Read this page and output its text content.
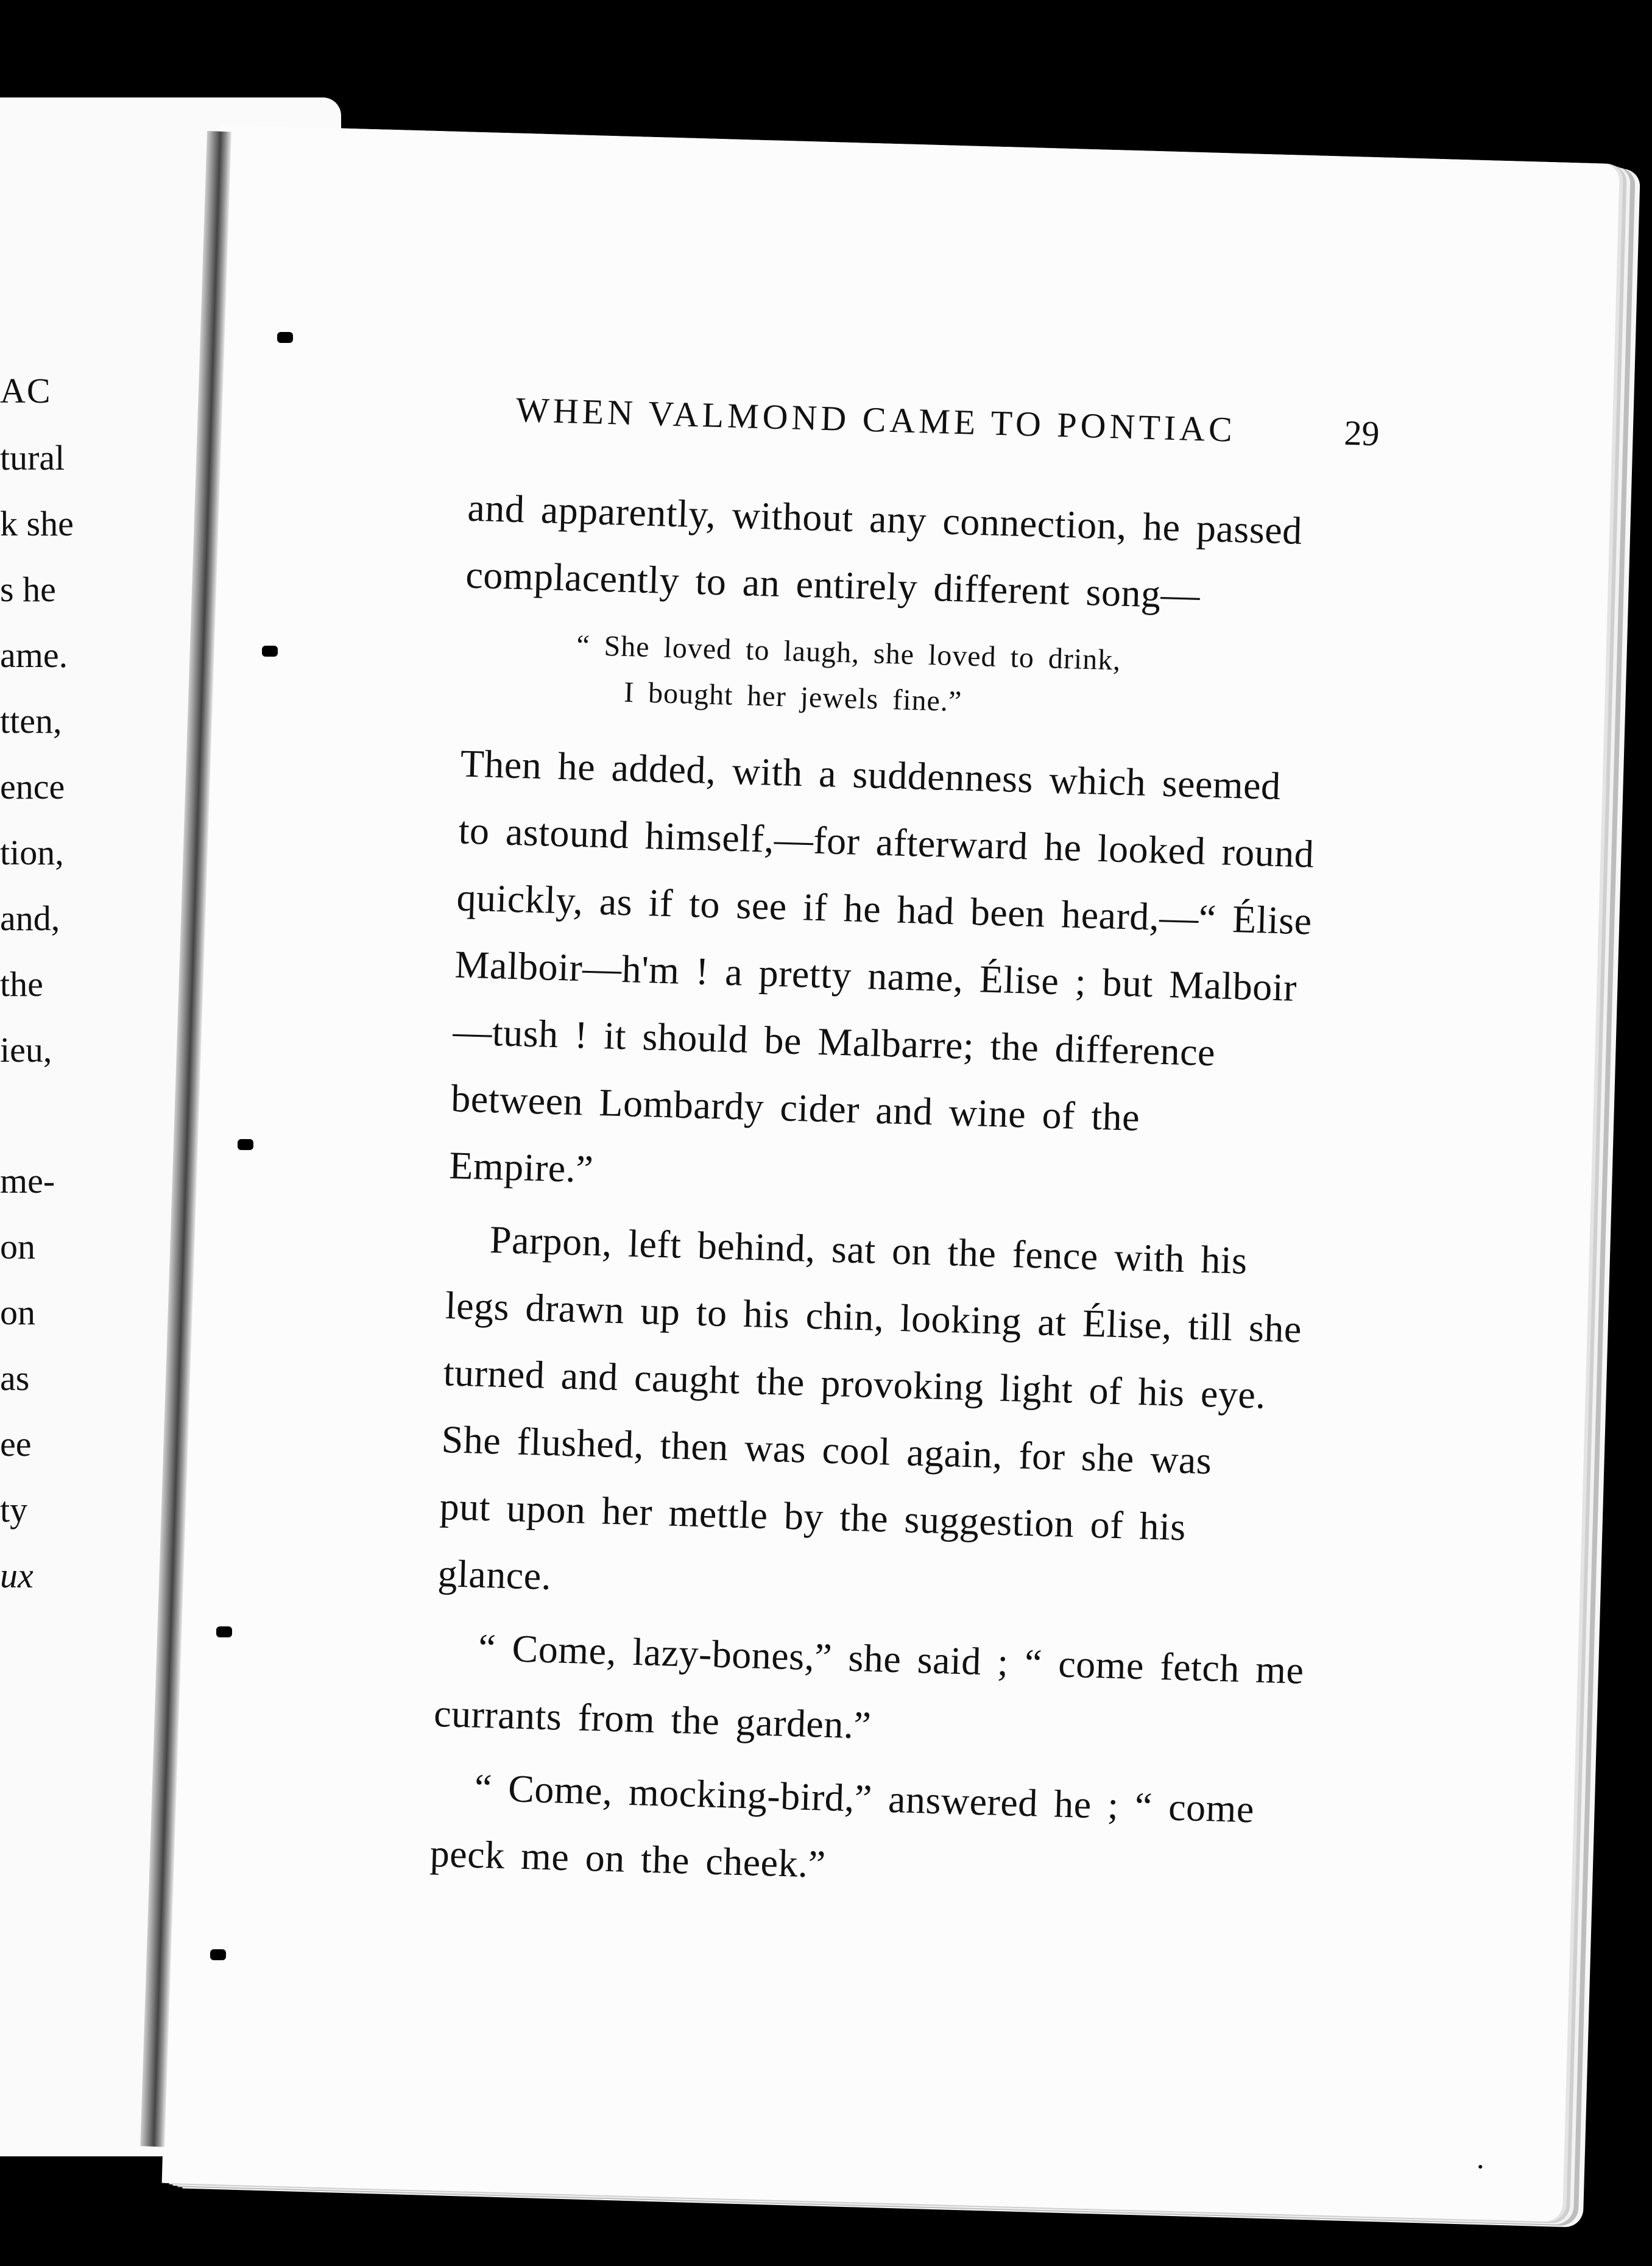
AC
tural
k she
s he
ame.
tten,
ence
tion,
and,
the
ieu,
me-
on
on
as
ee
ty
ux
WHEN VALMOND CAME TO PONTIAC	29
and apparently, without any connection, he passed
complacently to an entirely different song—
“ She loved to laugh, she loved to drink,
I bought her jewels fine.”
Then he added, with a suddenness which seemed
to astound himself,—for afterward he looked round
quickly, as if to see if he had been heard,—“ Élise
Malboir—h'm ! a pretty name, Élise ; but Malboir
—tush ! it should be Malbarre; the difference
between Lombardy cider and wine of the
Empire.”
Parpon, left behind, sat on the fence with his
legs drawn up to his chin, looking at Élise, till she
turned and caught the provoking light of his eye.
She flushed, then was cool again, for she was
put upon her mettle by the suggestion of his
glance.
“ Come, lazy-bones,” she said ; “ come fetch me
currants from the garden.”
“ Come, mocking-bird,” answered he ; “ come
peck me on the cheek.”
